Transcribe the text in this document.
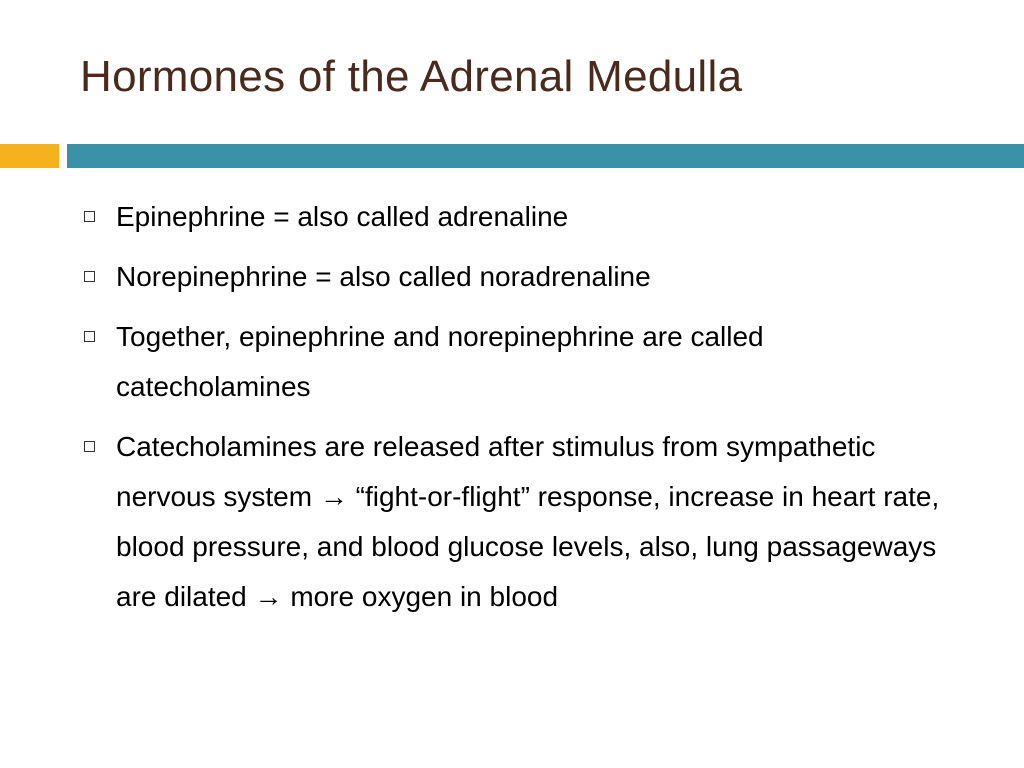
Hormones of the Adrenal Medulla
Epinephrine = also called adrenaline
Norepinephrine = also called noradrenaline
Together, epinephrine and norepinephrine are called catecholamines
Catecholamines are released after stimulus from sympathetic nervous system → “fight-or-flight” response, increase in heart rate, blood pressure, and blood glucose levels, also, lung passageways are dilated → more oxygen in blood
